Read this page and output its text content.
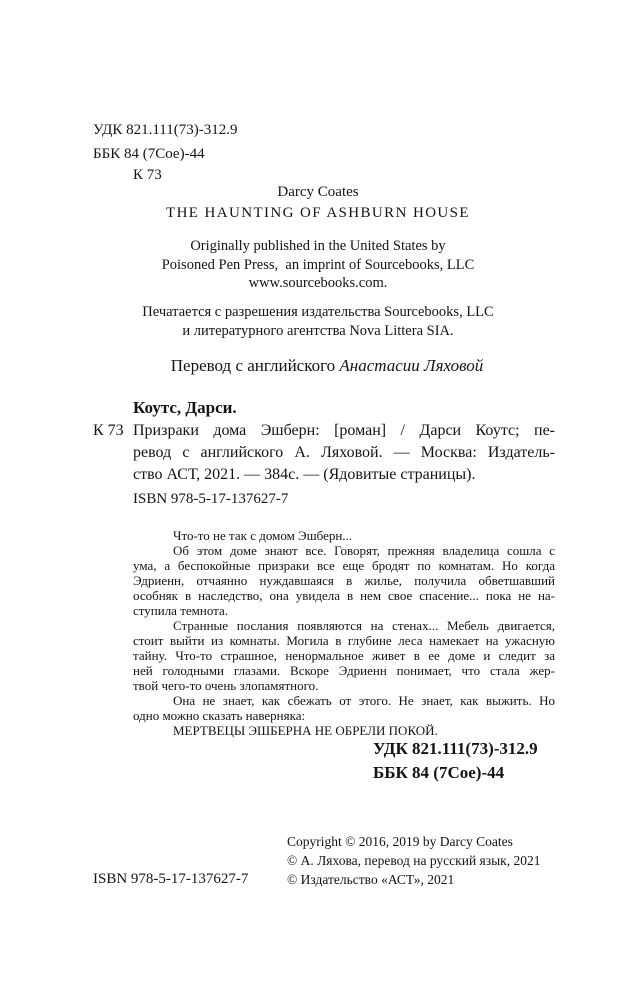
УДК 821.111(73)-312.9
ББК 84 (7Сое)-44
К 73
Darcy Coates
THE HAUNTING OF ASHBURN HOUSE
Originally published in the United States by
Poisoned Pen Press,  an imprint of Sourcebooks, LLC
www.sourcebooks.com.
Печатается с разрешения издательства Sourcebooks, LLC
и литературного агентства Nova Littera SIA.
Перевод с английского Анастасии Ляховой
Коутс, Дарси.
К 73 Призраки дома Эшберн: [роман] / Дарси Коутс; пе-
ревод с английского А. Ляховой. — Москва: Издатель-
ство АСТ, 2021. — 384с. — (Ядовитые страницы).
ISBN 978-5-17-137627-7
Что-то не так с домом Эшберн...
Об этом доме знают все. Говорят, прежняя владелица сошла с
ума, а беспокойные призраки все еще бродят по комнатам. Но когда
Эдриенн, отчаянно нуждавшаяся в жилье, получила обветшавший
особняк в наследство, она увидела в нем свое спасение... пока не на-
ступила темнота.
Странные послания появляются на стенах... Мебель двигается,
стоит выйти из комнаты. Могила в глубине леса намекает на ужасную
тайну. Что-то страшное, ненормальное живет в ее доме и следит за
ней голодными глазами. Вскоре Эдриенн понимает, что стала жер-
твой чего-то очень злопамятного.
Она не знает, как сбежать от этого. Не знает, как выжить. Но
одно можно сказать наверняка:
МЕРТВЕЦЫ ЭШБЕРНА НЕ ОБРЕЛИ ПОКОЙ.
УДК 821.111(73)-312.9
ББК 84 (7Сое)-44
Copyright © 2016, 2019 by Darcy Coates
© А. Ляхова, перевод на русский язык, 2021
© Издательство «АСТ», 2021
ISBN 978-5-17-137627-7
